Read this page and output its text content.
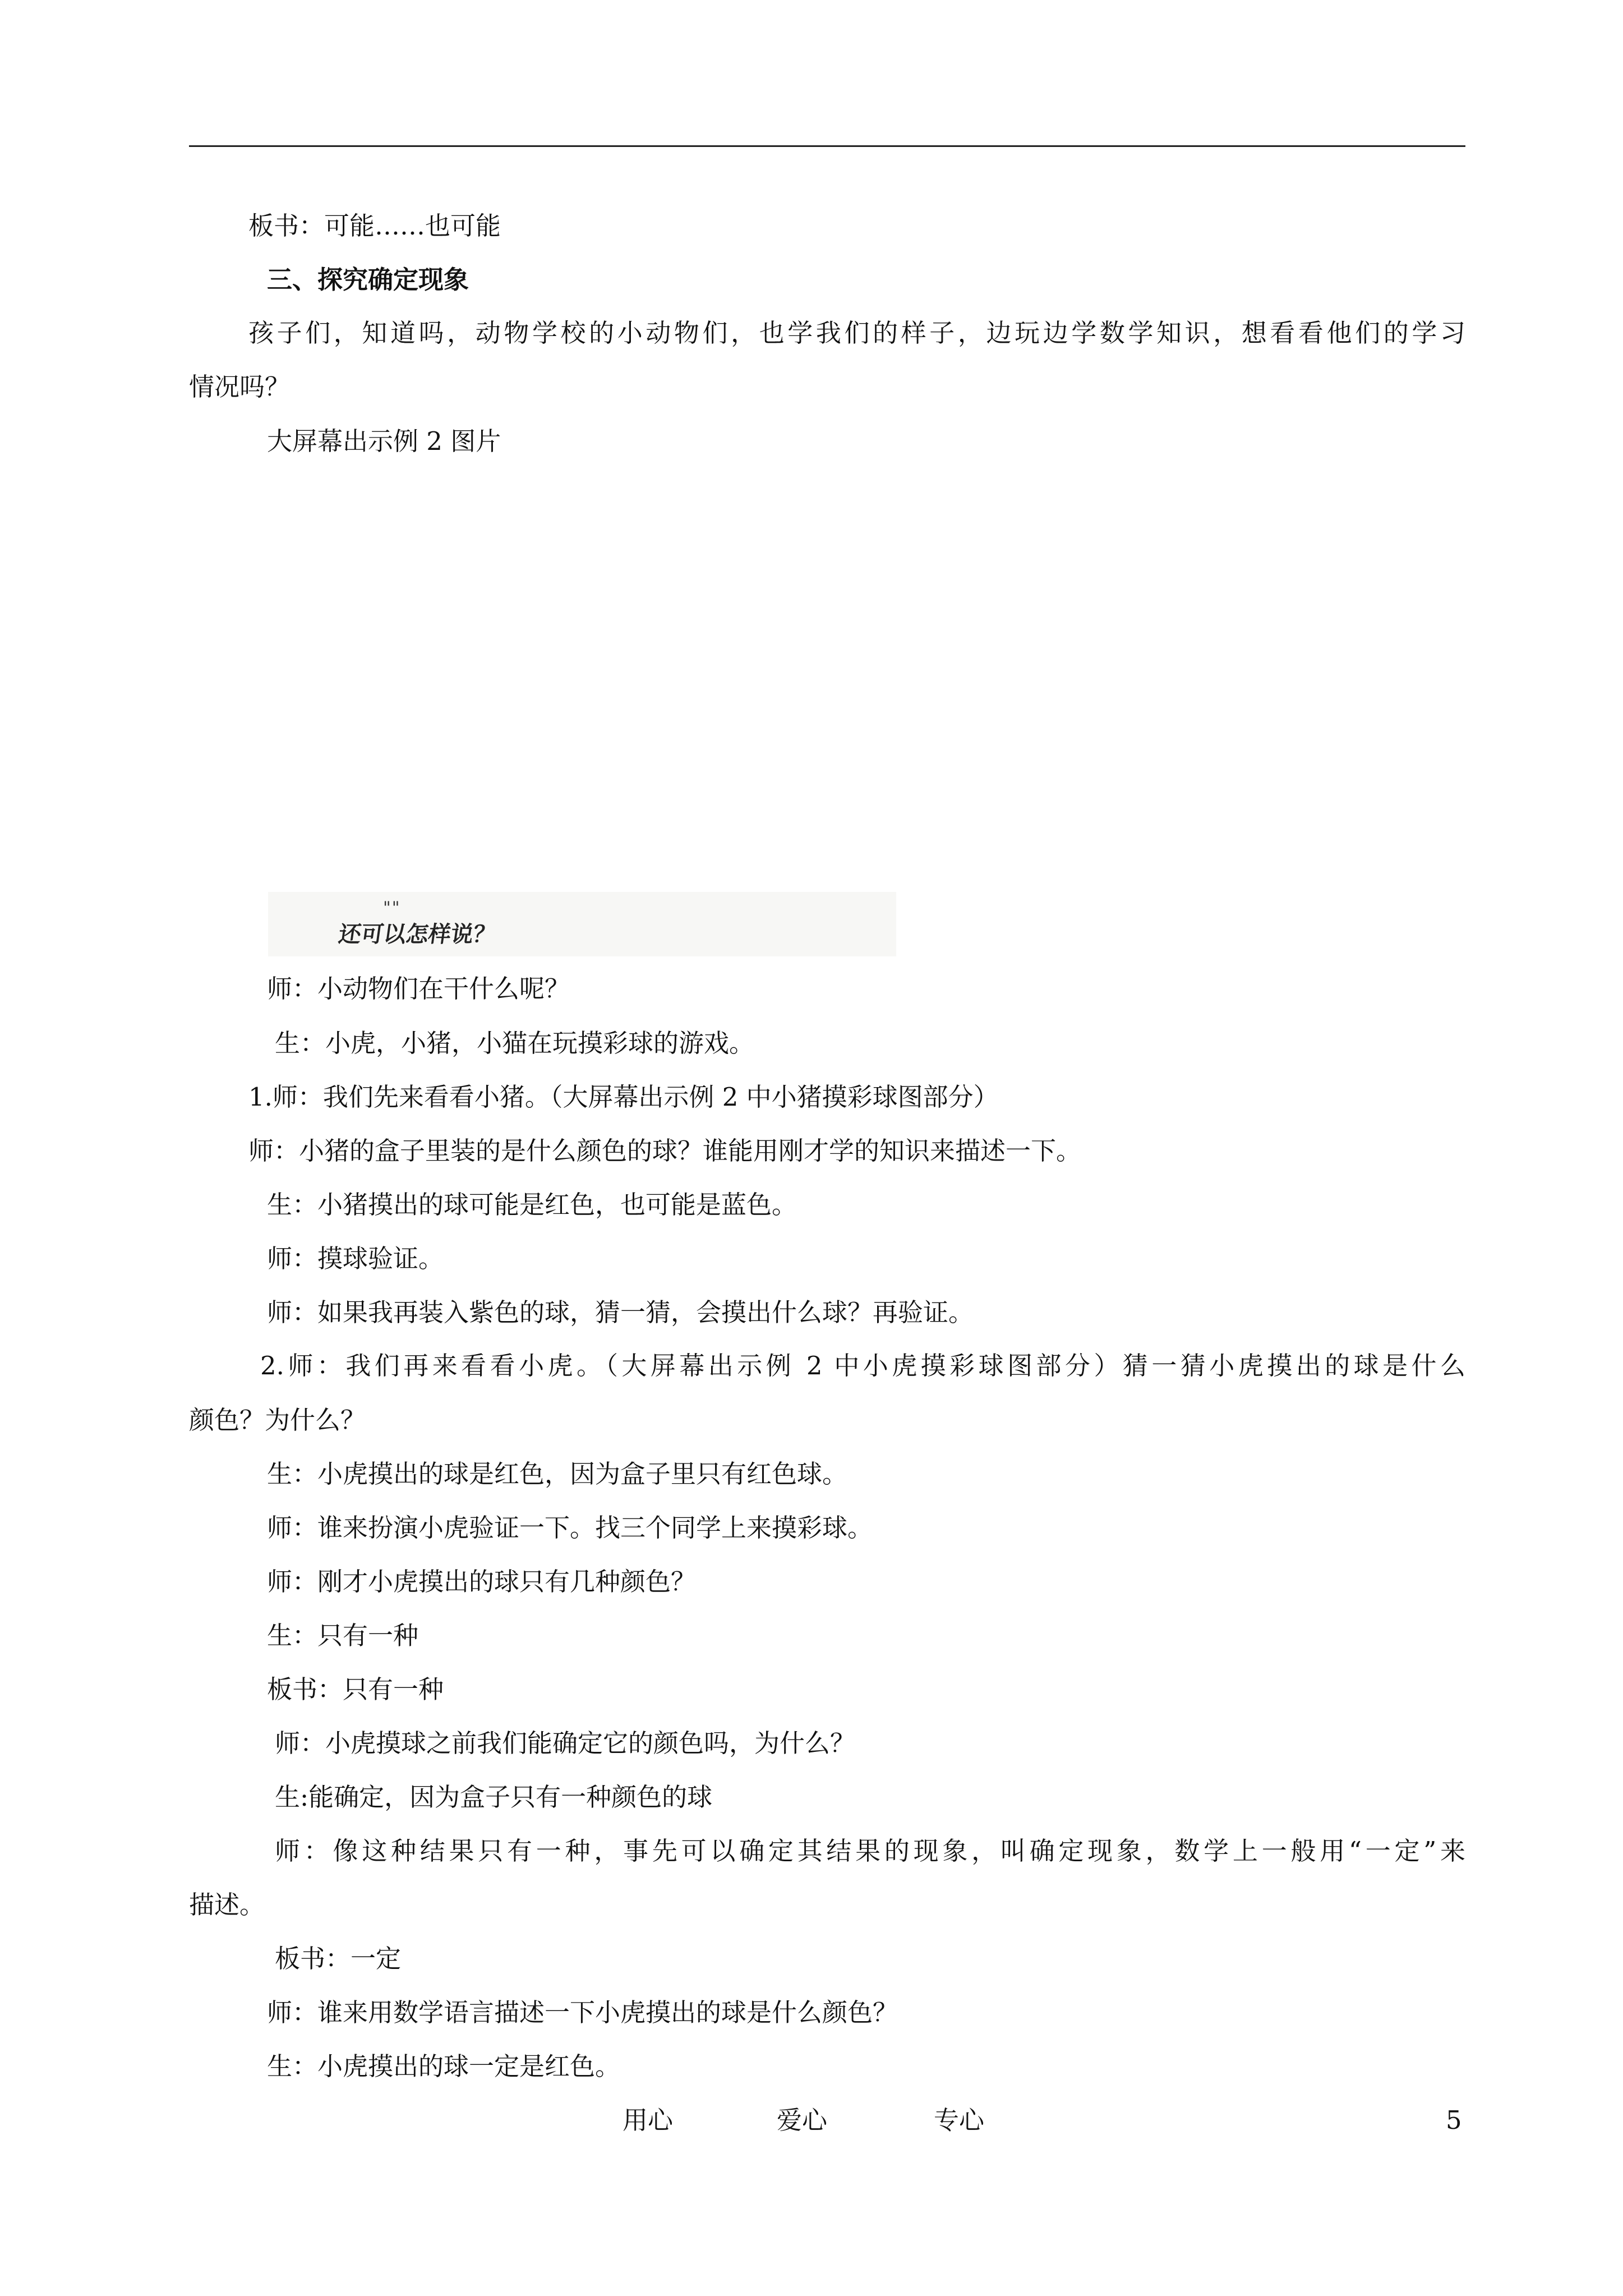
板书：可能……也可能
三、探究确定现象
孩子们，知道吗，动物学校的小动物们，也学我们的样子，边玩边学数学知识，想看看他们的学习
情况吗？
大屏幕出示例 2 图片
""
还可以怎样说？
师：小动物们在干什么呢？
生：小虎，小猪，小猫在玩摸彩球的游戏。
1.师：我们先来看看小猪。（大屏幕出示例 2 中小猪摸彩球图部分）
师：小猪的盒子里装的是什么颜色的球？谁能用刚才学的知识来描述一下。
生：小猪摸出的球可能是红色，也可能是蓝色。
师：摸球验证。
师：如果我再装入紫色的球，猜一猜，会摸出什么球？再验证。
2.师：我们再来看看小虎。（大屏幕出示例 2 中小虎摸彩球图部分）猜一猜小虎摸出的球是什么
颜色？为什么？
生：小虎摸出的球是红色，因为盒子里只有红色球。
师：谁来扮演小虎验证一下。找三个同学上来摸彩球。
师：刚才小虎摸出的球只有几种颜色？
生：只有一种
板书：只有一种
师：小虎摸球之前我们能确定它的颜色吗，为什么？
生:能确定，因为盒子只有一种颜色的球
师：像这种结果只有一种，事先可以确定其结果的现象，叫确定现象，数学上一般用“一定”来
描述。
板书：一定
师：谁来用数学语言描述一下小虎摸出的球是什么颜色？
生：小虎摸出的球一定是红色。
用心	爱心	专心	5
